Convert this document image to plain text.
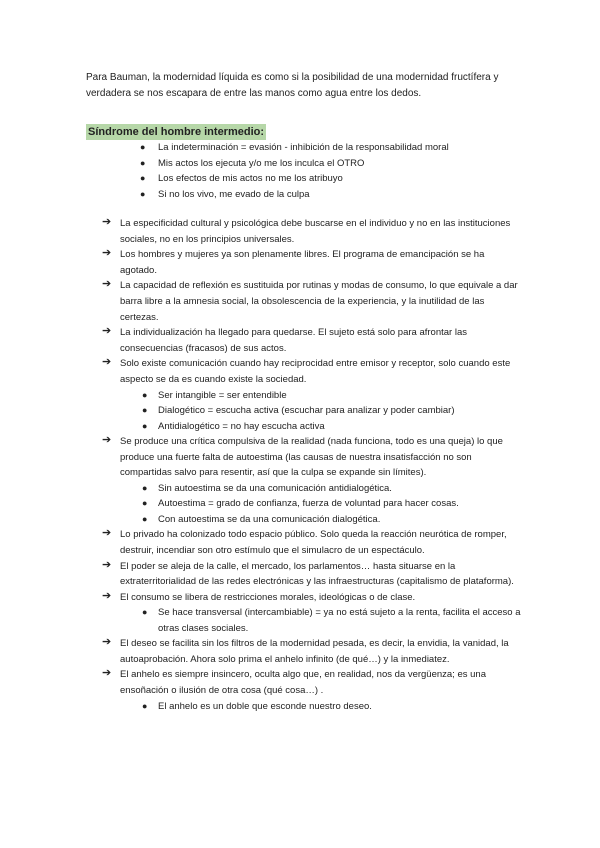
Para Bauman, la modernidad líquida es como si la posibilidad de una modernidad fructífera y verdadera se nos escapara de entre las manos como agua entre los dedos.

Síndrome del hombre intermedio:
● La indeterminación = evasión - inhibición de la responsabilidad moral
● Mis actos los ejecuta y/o me los inculca el OTRO
● Los efectos de mis actos no me los atribuyo
● Si no los vivo, me evado de la culpa
➔ La especificidad cultural y psicológica debe buscarse en el individuo y no en las instituciones sociales, no en los principios universales.
➔ Los hombres y mujeres ya son plenamente libres. El programa de emancipación se ha agotado.
➔ La capacidad de reflexión es sustituida por rutinas y modas de consumo, lo que equivale a dar barra libre a la amnesia social, la obsolescencia de la experiencia, y la inutilidad de las certezas.
➔ La individualización ha llegado para quedarse. El sujeto está solo para afrontar las consecuencias (fracasos) de sus actos.
➔ Solo existe comunicación cuando hay reciprocidad entre emisor y receptor, solo cuando este aspecto se da es cuando existe la sociedad.
● Ser intangible = ser entendible
● Dialogético = escucha activa (escuchar para analizar y poder cambiar)
● Antidialogético = no hay escucha activa
➔ Se produce una crítica compulsiva de la realidad (nada funciona, todo es una queja) lo que produce una fuerte falta de autoestima (las causas de nuestra insatisfacción no son compartidas salvo para resentir, así que la culpa se expande sin límites).
● Sin autoestima se da una comunicación antidialogética.
● Autoestima = grado de confianza, fuerza de voluntad para hacer cosas.
● Con autoestima se da una comunicación dialogética.
➔ Lo privado ha colonizado todo espacio público. Solo queda la reacción neurótica de romper, destruir, incendiar son otro estímulo que el simulacro de un espectáculo.
➔ El poder se aleja de la calle, el mercado, los parlamentos… hasta situarse en la extraterritorialidad de las redes electrónicas y las infraestructuras (capitalismo de plataforma).
➔ El consumo se libera de restricciones morales, ideológicas o de clase.
● Se hace transversal (intercambiable) = ya no está sujeto a la renta, facilita el acceso a otras clases sociales.
➔ El deseo se facilita sin los filtros de la modernidad pesada, es decir, la envidia, la vanidad, la autoaprobación. Ahora solo prima el anhelo infinito (de qué…) y la inmediatez.
➔ El anhelo es siempre insincero, oculta algo que, en realidad, nos da vergüenza; es una ensoñación o ilusión de otra cosa (qué cosa…) .
● El anhelo es un doble que esconde nuestro deseo.
